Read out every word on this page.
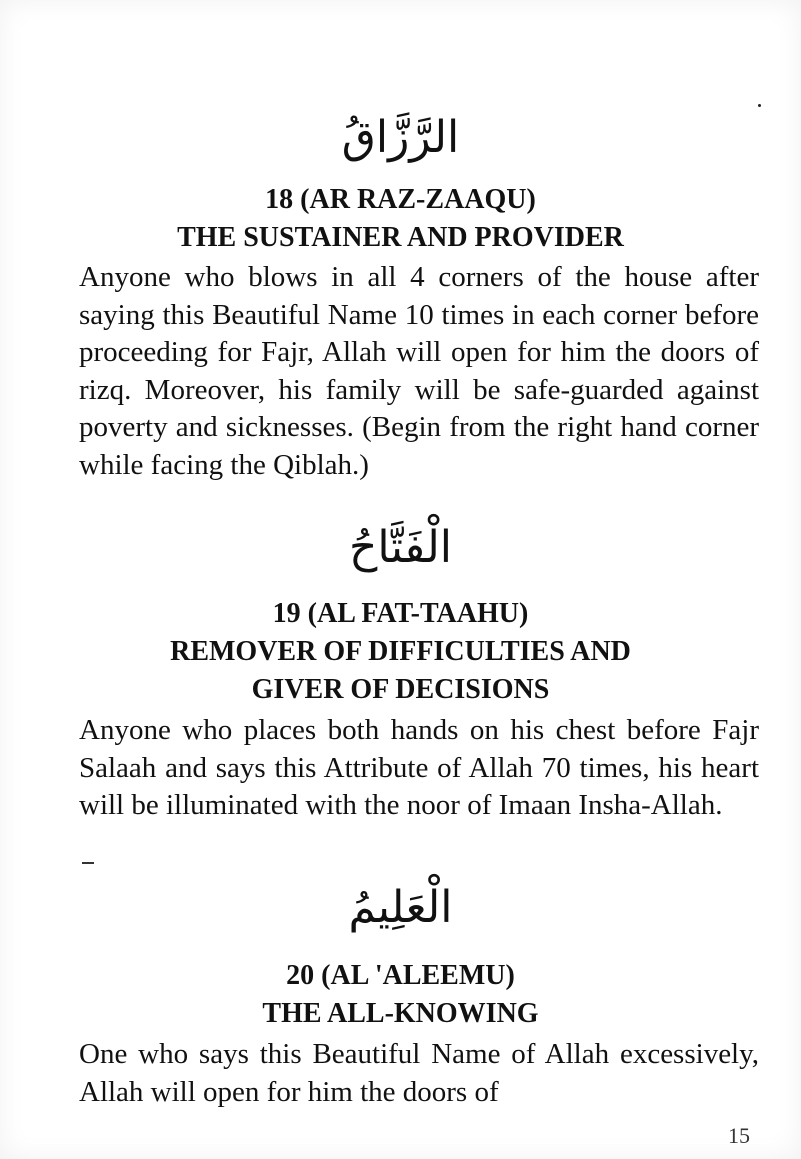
الرَّزَّاقُ
18 (AR RAZ-ZAAQU)
THE SUSTAINER AND PROVIDER

Anyone who blows in all 4 corners of the house after saying this Beautiful Name 10 times in each corner before proceeding for Fajr, Allah will open for him the doors of rizq. Moreover, his family will be safe-guarded against poverty and sicknesses. (Begin from the right hand corner while facing the Qiblah.)

الْفَتَّاحُ
19 (AL FAT-TAAHU)
REMOVER OF DIFFICULTIES AND
GIVER OF DECISIONS

Anyone who places both hands on his chest before Fajr Salaah and says this Attribute of Allah 70 times, his heart will be illuminated with the noor of Imaan Insha-Allah.

الْعَلِيمُ
20 (AL 'ALEEMU)
THE ALL-KNOWING

One who says this Beautiful Name of Allah excessively, Allah will open for him the doors of

15
